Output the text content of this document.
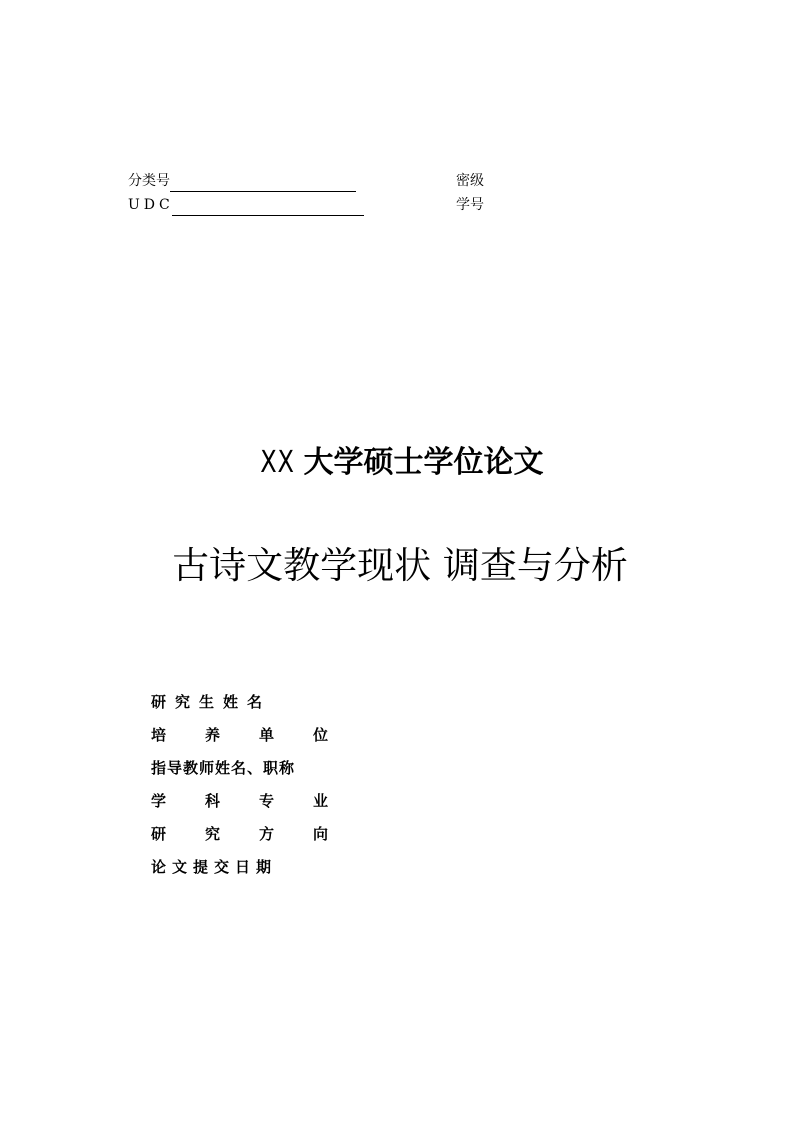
分类号
UDC
密级
学号
XX 大学硕士学位论文
古诗文教学现状 调查与分析
研究生姓名
培养单位
指导教师姓名、职称
学科专业
研究方向
论文提交日期
